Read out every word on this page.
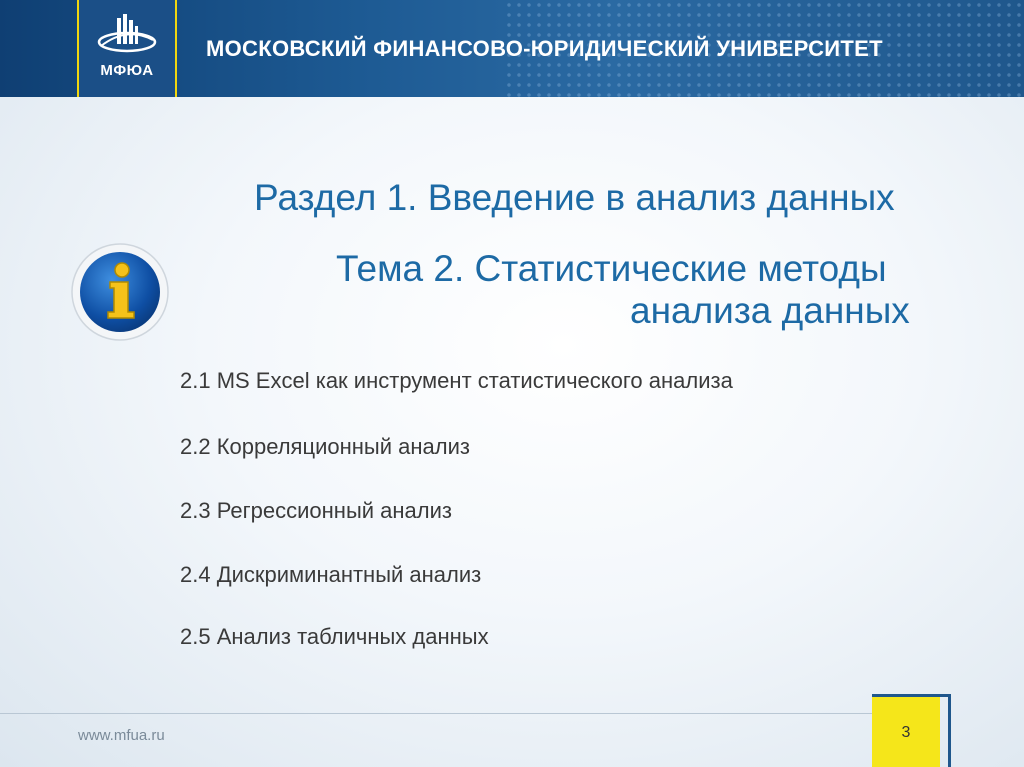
МФЮА
МОСКОВСКИЙ ФИНАНСОВО-ЮРИДИЧЕСКИЙ УНИВЕРСИТЕТ
Раздел 1. Введение в анализ данных
Тема 2. Статистические методы
анализа данных
2.1 MS Excel как инструмент статистического анализа
2.2 Корреляционный анализ
2.3 Регрессионный анализ
2.4 Дискриминантный анализ
2.5 Анализ табличных данных
www.mfua.ru	3
